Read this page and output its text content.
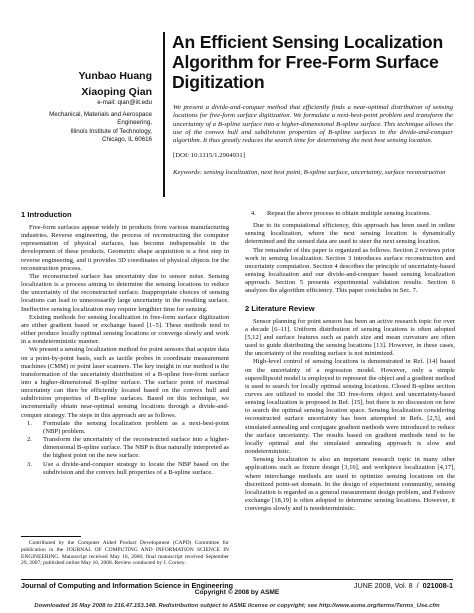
Yunbao Huang
Xiaoping Qian
e-mail: qian@iit.edu
Mechanical, Materials and Aerospace
Engineering,
Illinois Institute of Technology,
Chicago, IL 60616
An Efficient Sensing Localization
Algorithm for Free-Form Surface
Digitization
We present a divide-and-conquer method that efficiently finds a near-optimal distribution of sensing locations for free-form surface digitization. We formulate a next-best-point problem and transform the uncertainty of a B-spline surface into a higher-dimensional B-spline surface. This technique allows the use of the convex hull and subdivision properties of B-spline surfaces in the divide-and-conquer algorithm. It thus greatly reduces the search time for determining the next best sensing location.
[DOI: 10.1115/1.2904931]
Keywords: sensing localization, next best point, B-spline surface, uncertainty, surface reconstruction
1 Introduction

Free-form surfaces appear widely in products from various manufacturing industries. Reverse engineering, the process of reconstructing the computer representation of physical surfaces, has become indispensable in the development of these products. Geometric shape acquisition is a first step in reverse engineering, and it provides 3D coordinates of physical objects for the reconstruction process.

The reconstructed surface has uncertainty due to sensor noise. Sensing localization is a process aiming to determine the sensing locations to reduce the uncertainty of the reconstructed surface. Inappropriate choices of sensing locations can lead to unnecessarily large uncertainty in the resulting surface. Ineffective sensing localization may require lengthier time for sensing.

Existing methods for sensing localization in free-form surface digitization are either gradient based or exchange based [1–5]. These methods tend to either produce locally optimal sensing locations or converge slowly and work in a nondeterministic manner.

We present a sensing localization method for point sensors that acquire data on a point-by-point basis, such as tactile probes in coordinate measurement machines (CMM) or point laser scanners. The key insight in our method is the transformation of the uncertainty distribution of a B-spline free-form surface into a higher-dimensional B-spline surface. The surface point of maximal uncertainty can then be efficiently located based on the convex hull and subdivision properties of B-spline surfaces. Based on this technique, we incrementally obtain near-optimal sensing locations through a divide-and-conquer strategy. The steps in this approach are as follows.

1.	Formulate the sensing localization problem as a next-best-point (NBP) problem.
2.	Transform the uncertainty of the reconstructed surface into a higher-dimensional B-spline surface. The NBP is thus naturally interpreted as the highest point on the new surface.
3.	Use a divide-and-conquer strategy to locate the NBP based on the subdivision and the convex hull properties of a B-spline surface.
Contributed by the Computer Aided Product Development (CAPD) Committee for publication in the JOURNAL OF COMPUTING AND INFORMATION SCIENCE IN ENGINEERING. Manuscript received May 16, 2006; final manuscript received September 29, 2007; published online May 16, 2008. Review conducted by J. Corney.
4.	Repeat the above process to obtain multiple sensing locations.

Due to its computational efficiency, this approach has been used in online sensing localization, where the next sensing location is dynamically determined and the sensed data are used to steer the next sensing location.

The remainder of this paper is organized as follows. Section 2 reviews prior work in sensing localization. Section 3 introduces surface reconstruction and uncertainty computation. Section 4 describes the principle of uncertainty-based sensing localization and our divide-and-conquer based sensing localization approach. Section 5 presents experimental validation results. Section 6 analyzes the algorithm efficiency. This paper concludes in Sec. 7.

2 Literature Review

Sensor planning for point sensors has been an active research topic for over a decade [6–11]. Uniform distribution of sensing locations is often adopted [5,12] and surface features such as patch size and mean curvature are often used to guide distributing the sensing locations [13]. However, in these cases, the uncertainty of the resulting surface is not minimized.

High-level control of sensing locations is demonstrated in Ref. [14] based on the uncertainty of a regression model. However, only a simple superellipsoid model is employed to represent the object and a gradient method is used to search for locally optimal sensing locations. Closed B-spline section curves are utilized to model the 3D free-form object and uncertainty-based sensing localization is proposed in Ref. [15], but there is no discussion on how to search the optimal sensing location space. Sensing localization considering reconstructed surface uncertainty has been attempted in Refs. [2,5], and simulated annealing and conjugate gradient methods were introduced to reduce the surface uncertainty. The results based on gradient methods tend to be locally optimal and the simulated annealing approach is slow and nondeterministic.

Sensing localization is also an important research topic in many other applications such as fixture design [3,16], and workpiece localization [4,17], where interchange methods are used to optimize sensing locations on the discretized point-set domain. In the design of experiment community, sensing localization is regarded as a general measurement design problem, and Fedorov exchange [18,19] is often adopted to determine sensing locations. However, it converges slowly and is nondeterministic.

Journal of Computing and Information Science in Engineering	JUNE 2008, Vol. 8  /  021008-1
Copyright © 2008 by ASME
Downloaded 16 May 2008 to 216.47.153.148. Redistribution subject to ASME license or copyright; see http://www.asme.org/terms/Terms_Use.cfm
